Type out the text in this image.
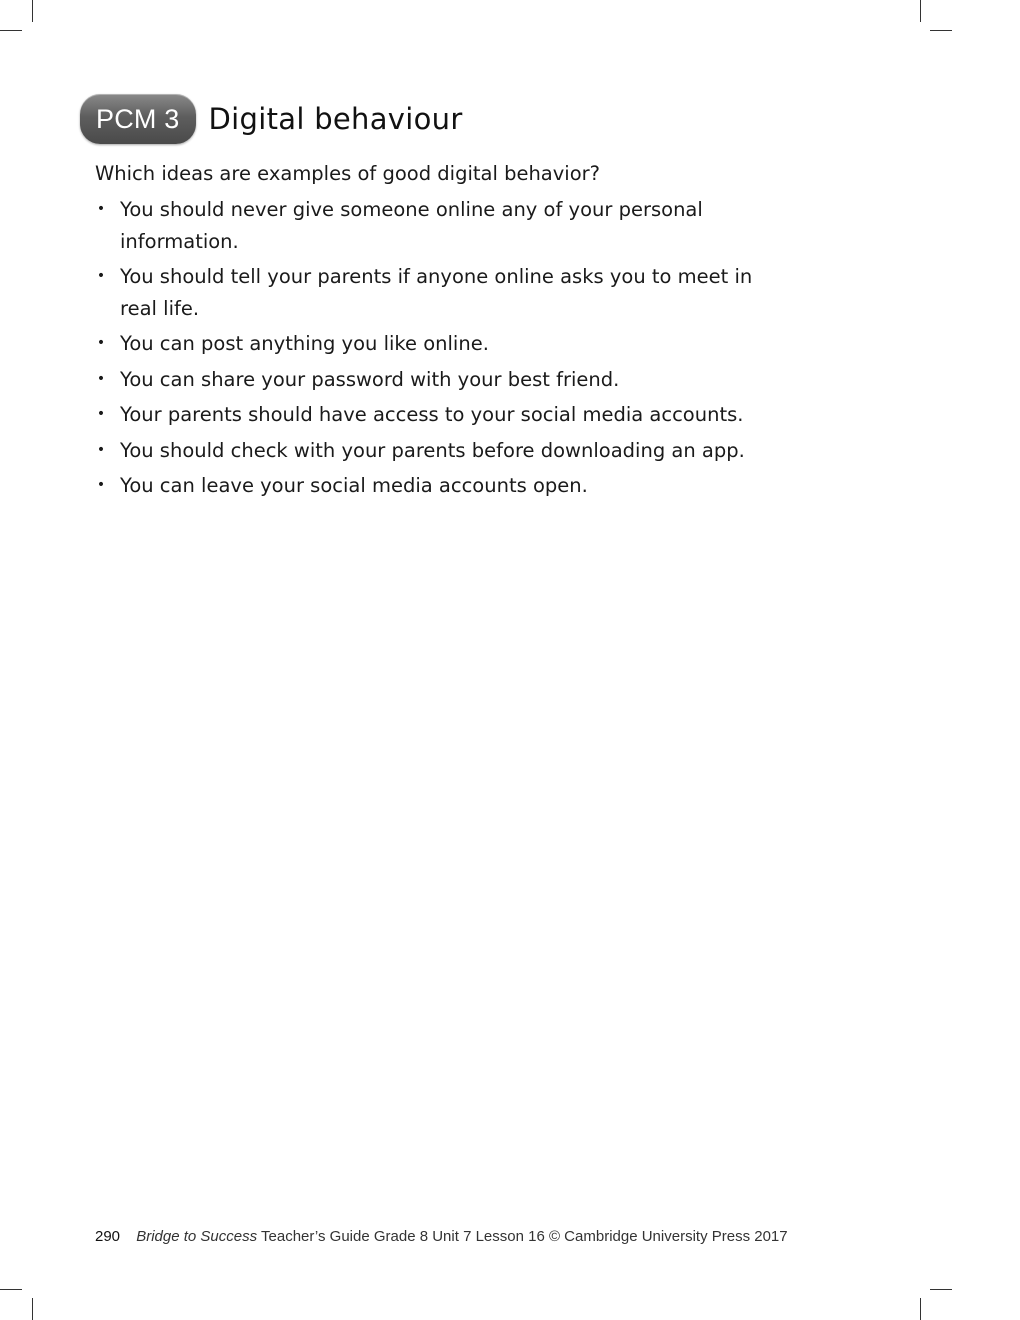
PCM 3	Digital behaviour

Which ideas are examples of good digital behavior?

• You should never give someone online any of your personal information.
• You should tell your parents if anyone online asks you to meet in real life.
• You can post anything you like online.
• You can share your password with your best friend.
• Your parents should have access to your social media accounts.
• You should check with your parents before downloading an app.
• You can leave your social media accounts open.
290 Bridge to Success Teacher’s Guide Grade 8 Unit 7 Lesson 16 © Cambridge University Press 2017
